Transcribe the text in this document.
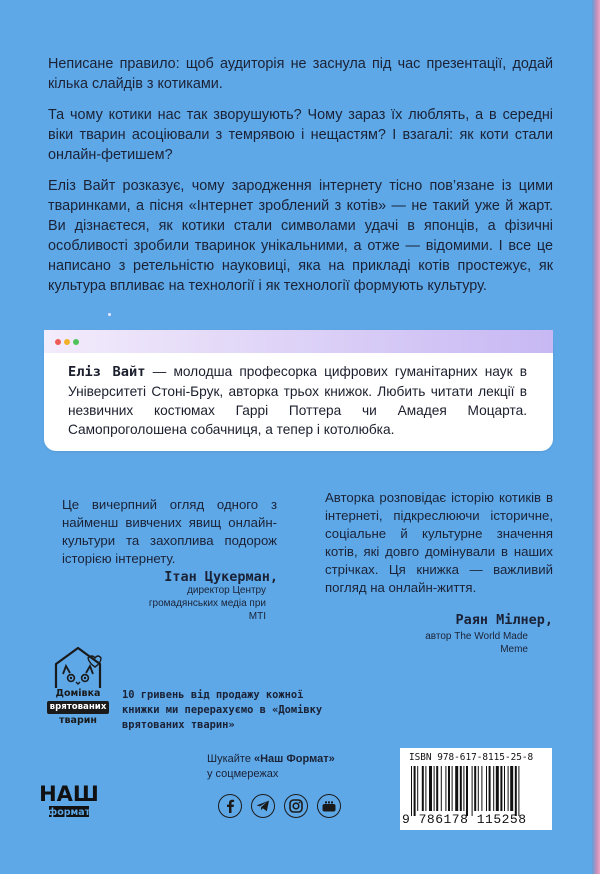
Неписане правило: щоб аудиторія не заснула під час презентації, додай кілька слайдів з котиками.

Та чому котики нас так зворушують? Чому зараз їх люблять, а в середні віки тварин асоціювали з темрявою і нещастям? І взагалі: як коти стали онлайн-фетишем?

Еліз Вайт розказує, чому зародження інтернету тісно пов’язане із цими тваринками, а пісня «Інтернет зроблений з котів» — не такий уже й жарт. Ви дізнаєтеся, як котики стали символами удачі в японців, а фізичні особливості зробили тваринок унікальними, а отже — відомими. І все це написано з ретельністю науковиці, яка на прикладі котів простежує, як культура впливає на технології і як технології формують культуру.

Еліз Вайт — молодша професорка цифрових гуманітарних наук в Університеті Стоні-Брук, авторка трьох книжок. Любить читати лекції в незвичних костюмах Гаррі Поттера чи Амадея Моцарта. Самопроголошена собачниця, а тепер і котолюбка.
Це вичерпний огляд одного з найменш вивчених явищ онлайн-культури та захоплива подорож історією інтернету.
Ітан Цукерман,
директор Центру громадянських медіа при MTI
Авторка розповідає історію котиків в інтернеті, підкреслюючи історичне, соціальне й культурне значення котів, які довго домінували в наших стрічках. Ця книжка — важливий погляд на онлайн-життя.
Раян Мілнер,
автор The World Made Meme
Домівка
врятованих
тварин
10 гривень від продажу кожної книжки ми перерахуємо в «Домівку врятованих тварин»
Шукайте «Наш Формат»
у соцмережах
НАШ
формат
ISBN 978-617-8115-25-8
9 786178 115258
